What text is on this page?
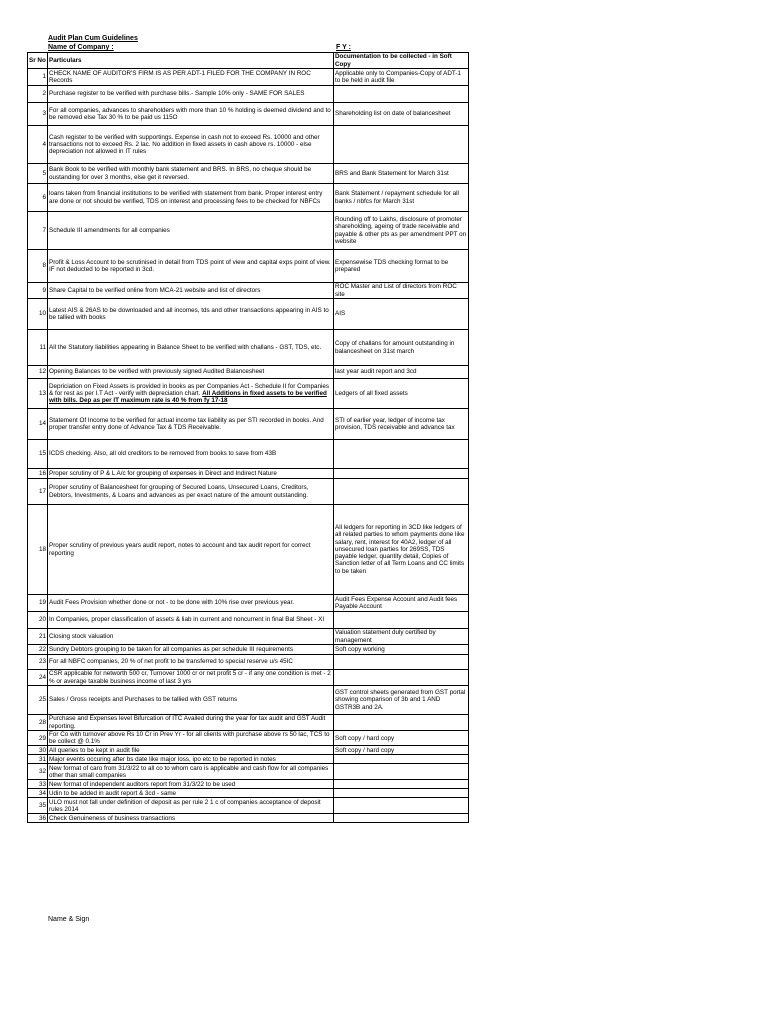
Audit Plan Cum Guidelines
Name of Company :	F Y :
Sr No	Particulars	Documentation to be collected - in Soft Copy
1	CHECK NAME OF AUDITOR'S FIRM IS AS PER ADT-1 FILED FOR THE COMPANY IN ROC Records	Applicable only to Companies-Copy of ADT-1 to be held in audit file
2	Purchase register to be verified with purchase bills.- Sample 10% only - SAME FOR SALES	
3	For all companies, advances to shareholders with more than 10 % holding is deemed dividend and to be removed else Tax 30 % to be paid us 115O	Shareholding list on date of balancesheet
4	Cash register to be verified with supportings. Expense in cash not to exceed Rs. 10000 and other transactions not to exceed Rs. 2 lac. No addition in fixed assets in cash above rs. 10000 - else depreciation not allowed in IT rules	
5	Bank Book to be verified with monthly bank statement and BRS. In BRS, no cheque should be oustanding for over 3 months, else get it reversed.	BRS and Bank Statement for March 31st
6	loans taken from financial institutions to be verified with statement from bank. Proper interest entry are done or not should be verified, TDS on interest and processing fees to be checked for NBFCs	Bank Statement / repayment schedule for all banks / nbfcs for March 31st
7	Schedule III amendments for all companies	Rounding off to Lakhs, disclosure of promoter shareholding, ageing of trade receivable and payable & other pts as per amendment PPT on website
8	Profit & Loss Account to be scrutinised in detail from TDS point of view and capital exps point of view. IF not deducted to be reported in 3cd.	Expensewise TDS checking format to be prepared
9	Share Capital to be verified online from MCA-21 website and list of directors	ROC Master and List of directors from ROC site
10	Latest AIS & 26AS to be downloaded and all incomes, tds and other transactions appearing in AIS to be tallied with books	AIS
11	All the Statutory liabilities appearing in Balance Sheet to be verified with challans - GST, TDS, etc.	Copy of challans for amount outstanding in balancesheet on 31st march
12	Opening Balances to be verified with previously signed Audited Balancesheet	last year audit report and 3cd
13	Depriciation on Fixed Assets is provided in books as per Companies Act - Schedule II for Companies & for rest as per I.T Act - verify with depreciation chart. All Additions in fixed assets to be verified with bills. Dep as per IT maximum rate is 40 % from fy 17-18	Ledgers of all fixed assets
14	Statement Of Income to be verified for actual income tax liability as per STI recorded in books. And proper transfer entry done of Advance Tax & TDS Receivable.	STI of earlier year, ledger of income tax provision, TDS receivable and advance tax
15	ICDS checking. Also, all old creditors to be removed from books to save from 43B	
16	Proper scrutiny of P & L A/c for grouping of expenses in Direct and Indirect Nature	
17	Proper scrutiny of Balancesheet for grouping of Secured Loans, Unsecured Loans, Creditors, Debtors, Investments, & Loans and advances as per exact nature of the amount outstanding.	
18	Proper scrutiny of previous years audit report, notes to account and tax audit report for correct reporting	All ledgers for reporting in 3CD like ledgers of all related parties to whom payments done like salary, rent, interest for 40A2, ledger of all unsecured loan parties for 269SS, TDS payable ledger, quantity detail, Copies of Sanction letter of all Term Loans and CC limits to be taken
19	Audit Fees Provision whether done or not - to be done with 10% rise over previous year.	Audit Fees Expense Account and Audit fees Payable Account
20	In Companies, proper classification of assets & liab in current and noncurrent in final Bal Sheet - XI	
21	Closing stock valuation	Valuation statement duly certified by management
22	Sundry Debtors grouping to be taken for all companies as per schedule III requirements	Soft copy working
23	For all NBFC companies, 20 % of net profit to be transferred to special reserve u/s 45IC	
24	CSR applicable for networth 500 cr, Turnover 1000 cr or net profit 5 cr - if any one condition is met - 2 % or average taxable business income of last 3 yrs	
25	Sales / Gross receipts and Purchases to be tallied with GST returns	GST control sheets generated from GST portal showing comparison of 3b and 1 AND GSTR3B and 2A.
28	Purchase and Expenses level Bifurcation of ITC Availed during the year for tax audit and GST Audit reporting.	
29	For Co with turnover above Rs 10 Cr in Prev Yr - for all clients with purchase above rs 50 lac, TCS to be collect @ 0.1%	Soft copy / hard copy
30	All queries to be kept in audit file	Soft copy / hard copy
31	Major events occuring after bs date like major loss, ipo etc to be reported in notes	
32	New format of caro from 31/3/22 to all co to whom caro is applicable and cash flow for all companies other than small companies	
33	New format of independent auditors report from 31/3/22 to be used	
34	Udin to be added in audit report & 3cd - same	
35	ULO must not fall under definition of deposit as per rule 2 1 c of companies acceptance of deposit rules 2014	
36	Check Genuineness of business transactions	
Name & Sign
